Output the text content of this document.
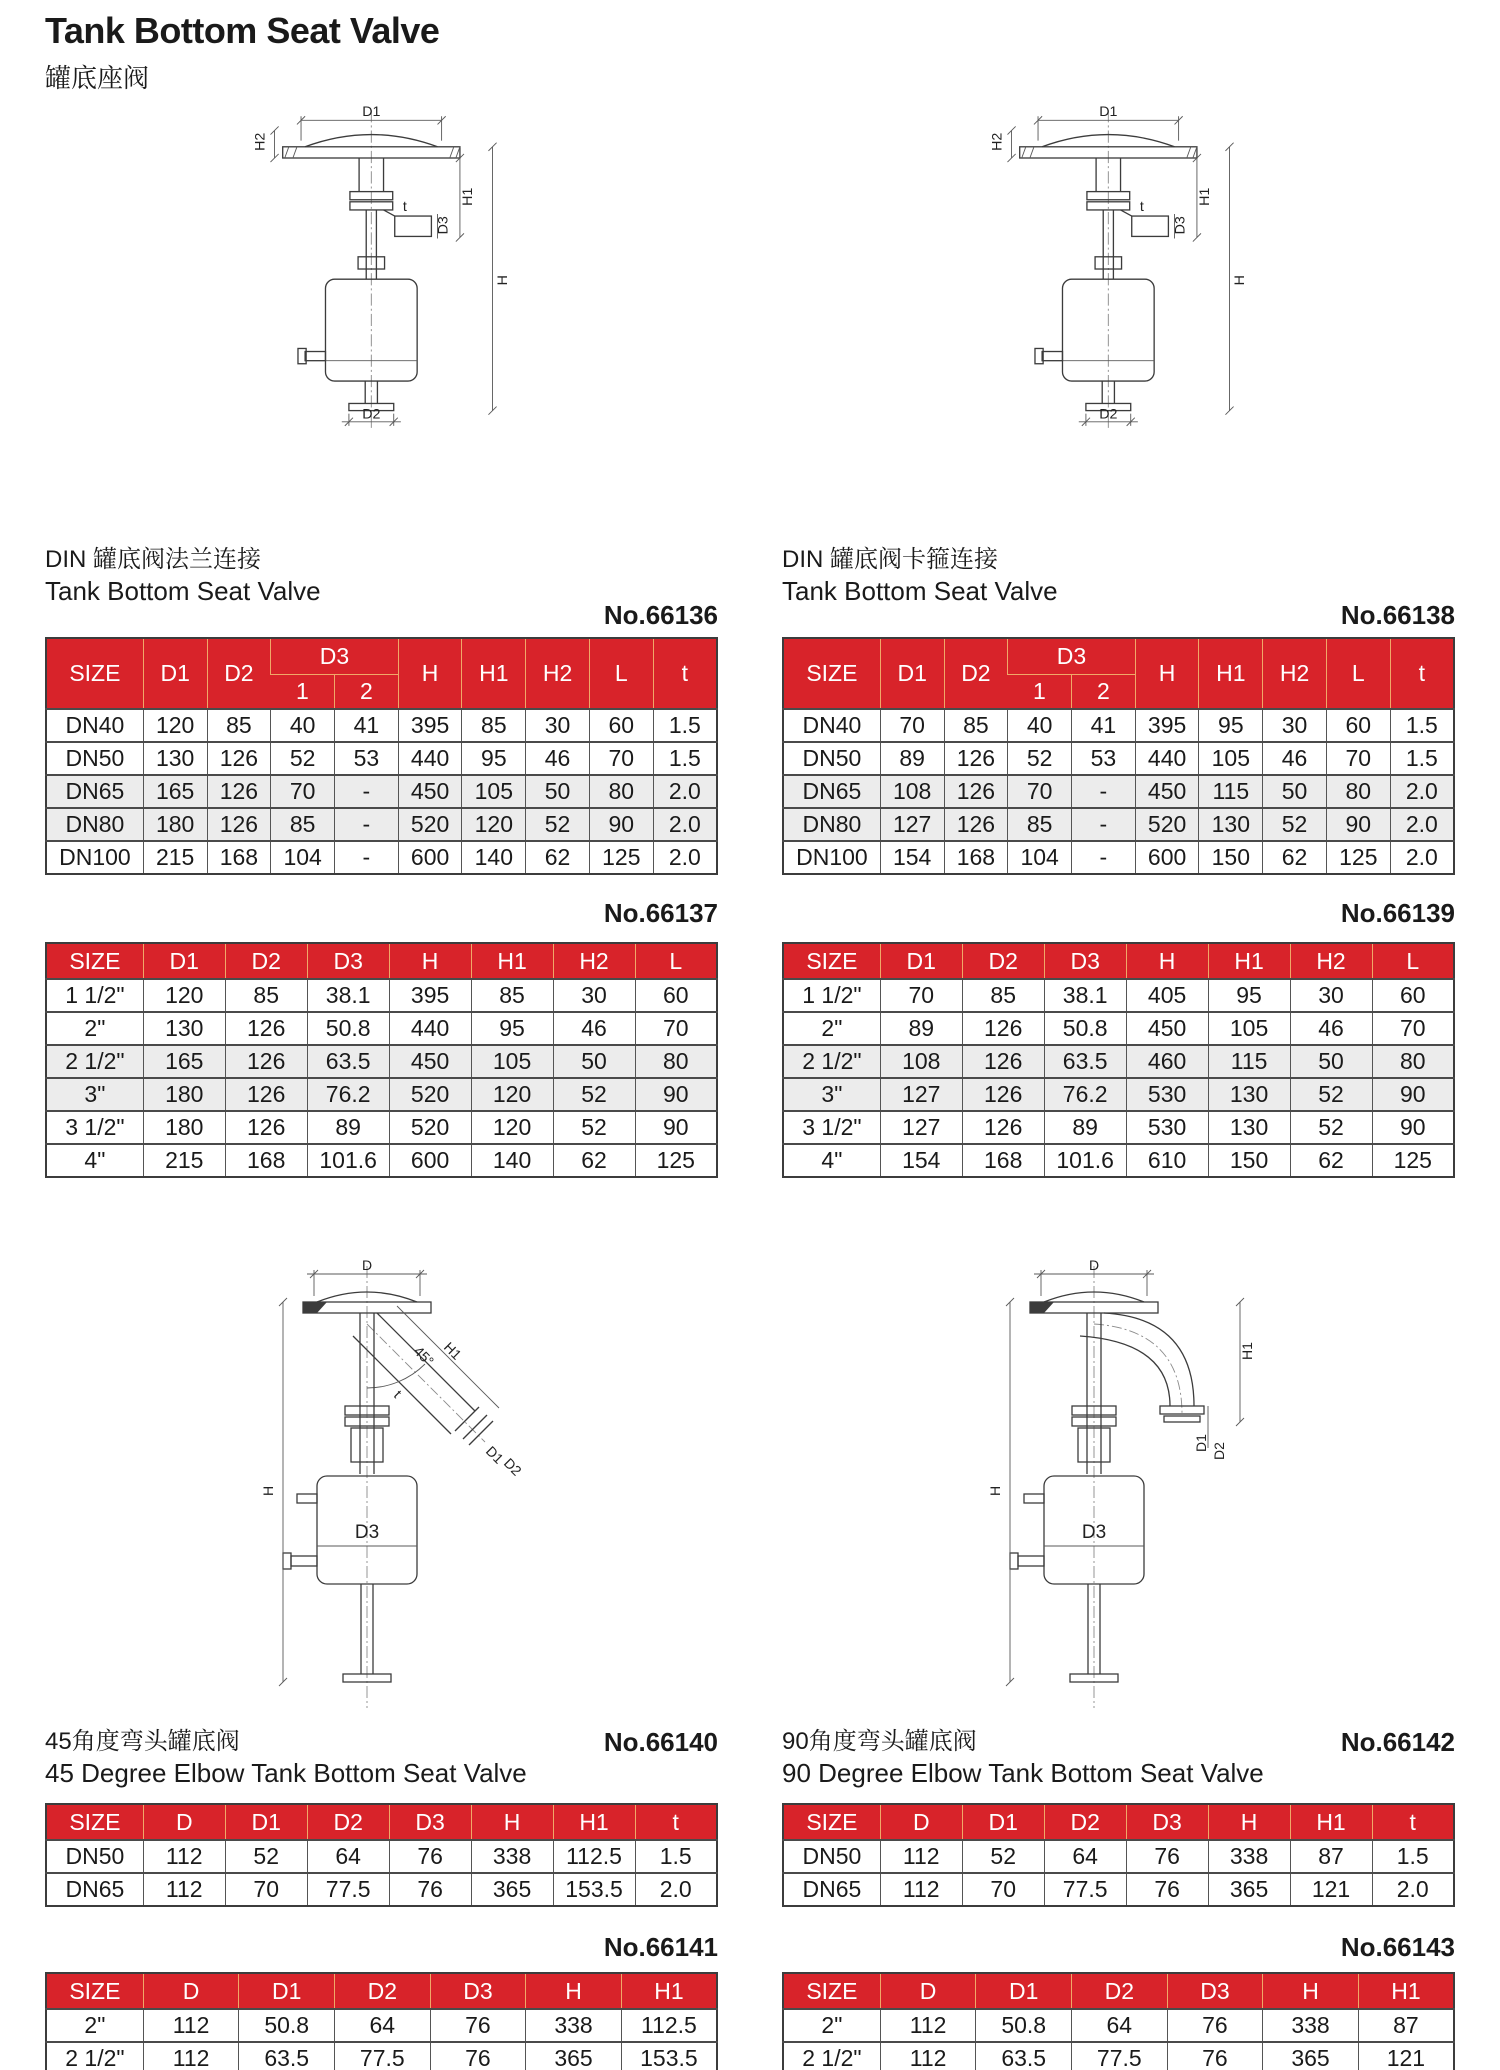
Tank Bottom Seat Valve
罐底座阀
D1
H2
t
D3
H1
D2
H
DIN 罐底阀法兰连接
Tank Bottom Seat Valve
No.66136
SIZE	D1	D2	D3		H	H1	H2	L	t
			1	2					
DN40	120	85	40	41	395	85	30	60	1.5
DN50	130	126	52	53	440	95	46	70	1.5
DN65	165	126	70	-	450	105	50	80	2.0
DN80	180	126	85	-	520	120	52	90	2.0
DN100	215	168	104	-	600	140	62	125	2.0
No.66137
SIZE	D1	D2	D3	H	H1	H2	L
1 1/2"	120	85	38.1	395	85	30	60
2"	130	126	50.8	440	95	46	70
2 1/2"	165	126	63.5	450	105	50	80
3"	180	126	76.2	520	120	52	90
3 1/2"	180	126	89	520	120	52	90
4"	215	168	101.6	600	140	62	125
D
45° H1
t
D1
D2
D3
H
45角度弯头罐底阀
45 Degree Elbow Tank Bottom Seat Valve
No.66140
SIZE	D	D1	D2	D3	H	H1	t
DN50	112	52	64	76	338	112.5	1.5
DN65	112	70	77.5	76	365	153.5	2.0
No.66141
SIZE	D	D1	D2	D3	H	H1
2"	112	50.8	64	76	338	112.5
2 1/2"	112	63.5	77.5	76	365	153.5
D1
H2
t
D3
H1
D2
H
DIN 罐底阀卡箍连接
Tank Bottom Seat Valve
No.66138
SIZE	D1	D2	D3		H	H1	H2	L	t
			1	2					
DN40	70	85	40	41	395	95	30	60	1.5
DN50	89	126	52	53	440	105	46	70	1.5
DN65	108	126	70	-	450	115	50	80	2.0
DN80	127	126	85	-	520	130	52	90	2.0
DN100	154	168	104	-	600	150	62	125	2.0
No.66139
SIZE	D1	D2	D3	H	H1	H2	L
1 1/2"	70	85	38.1	405	95	30	60
2"	89	126	50.8	450	105	46	70
2 1/2"	108	126	63.5	460	115	50	80
3"	127	126	76.2	530	130	52	90
3 1/2"	127	126	89	530	130	52	90
4"	154	168	101.6	610	150	62	125
D
H1
D1 D2
D3
H
90角度弯头罐底阀
90 Degree Elbow Tank Bottom Seat Valve
No.66142
SIZE	D	D1	D2	D3	H	H1	t
DN50	112	52	64	76	338	87	1.5
DN65	112	70	77.5	76	365	121	2.0
No.66143
SIZE	D	D1	D2	D3	H	H1
2"	112	50.8	64	76	338	87
2 1/2"	112	63.5	77.5	76	365	121
